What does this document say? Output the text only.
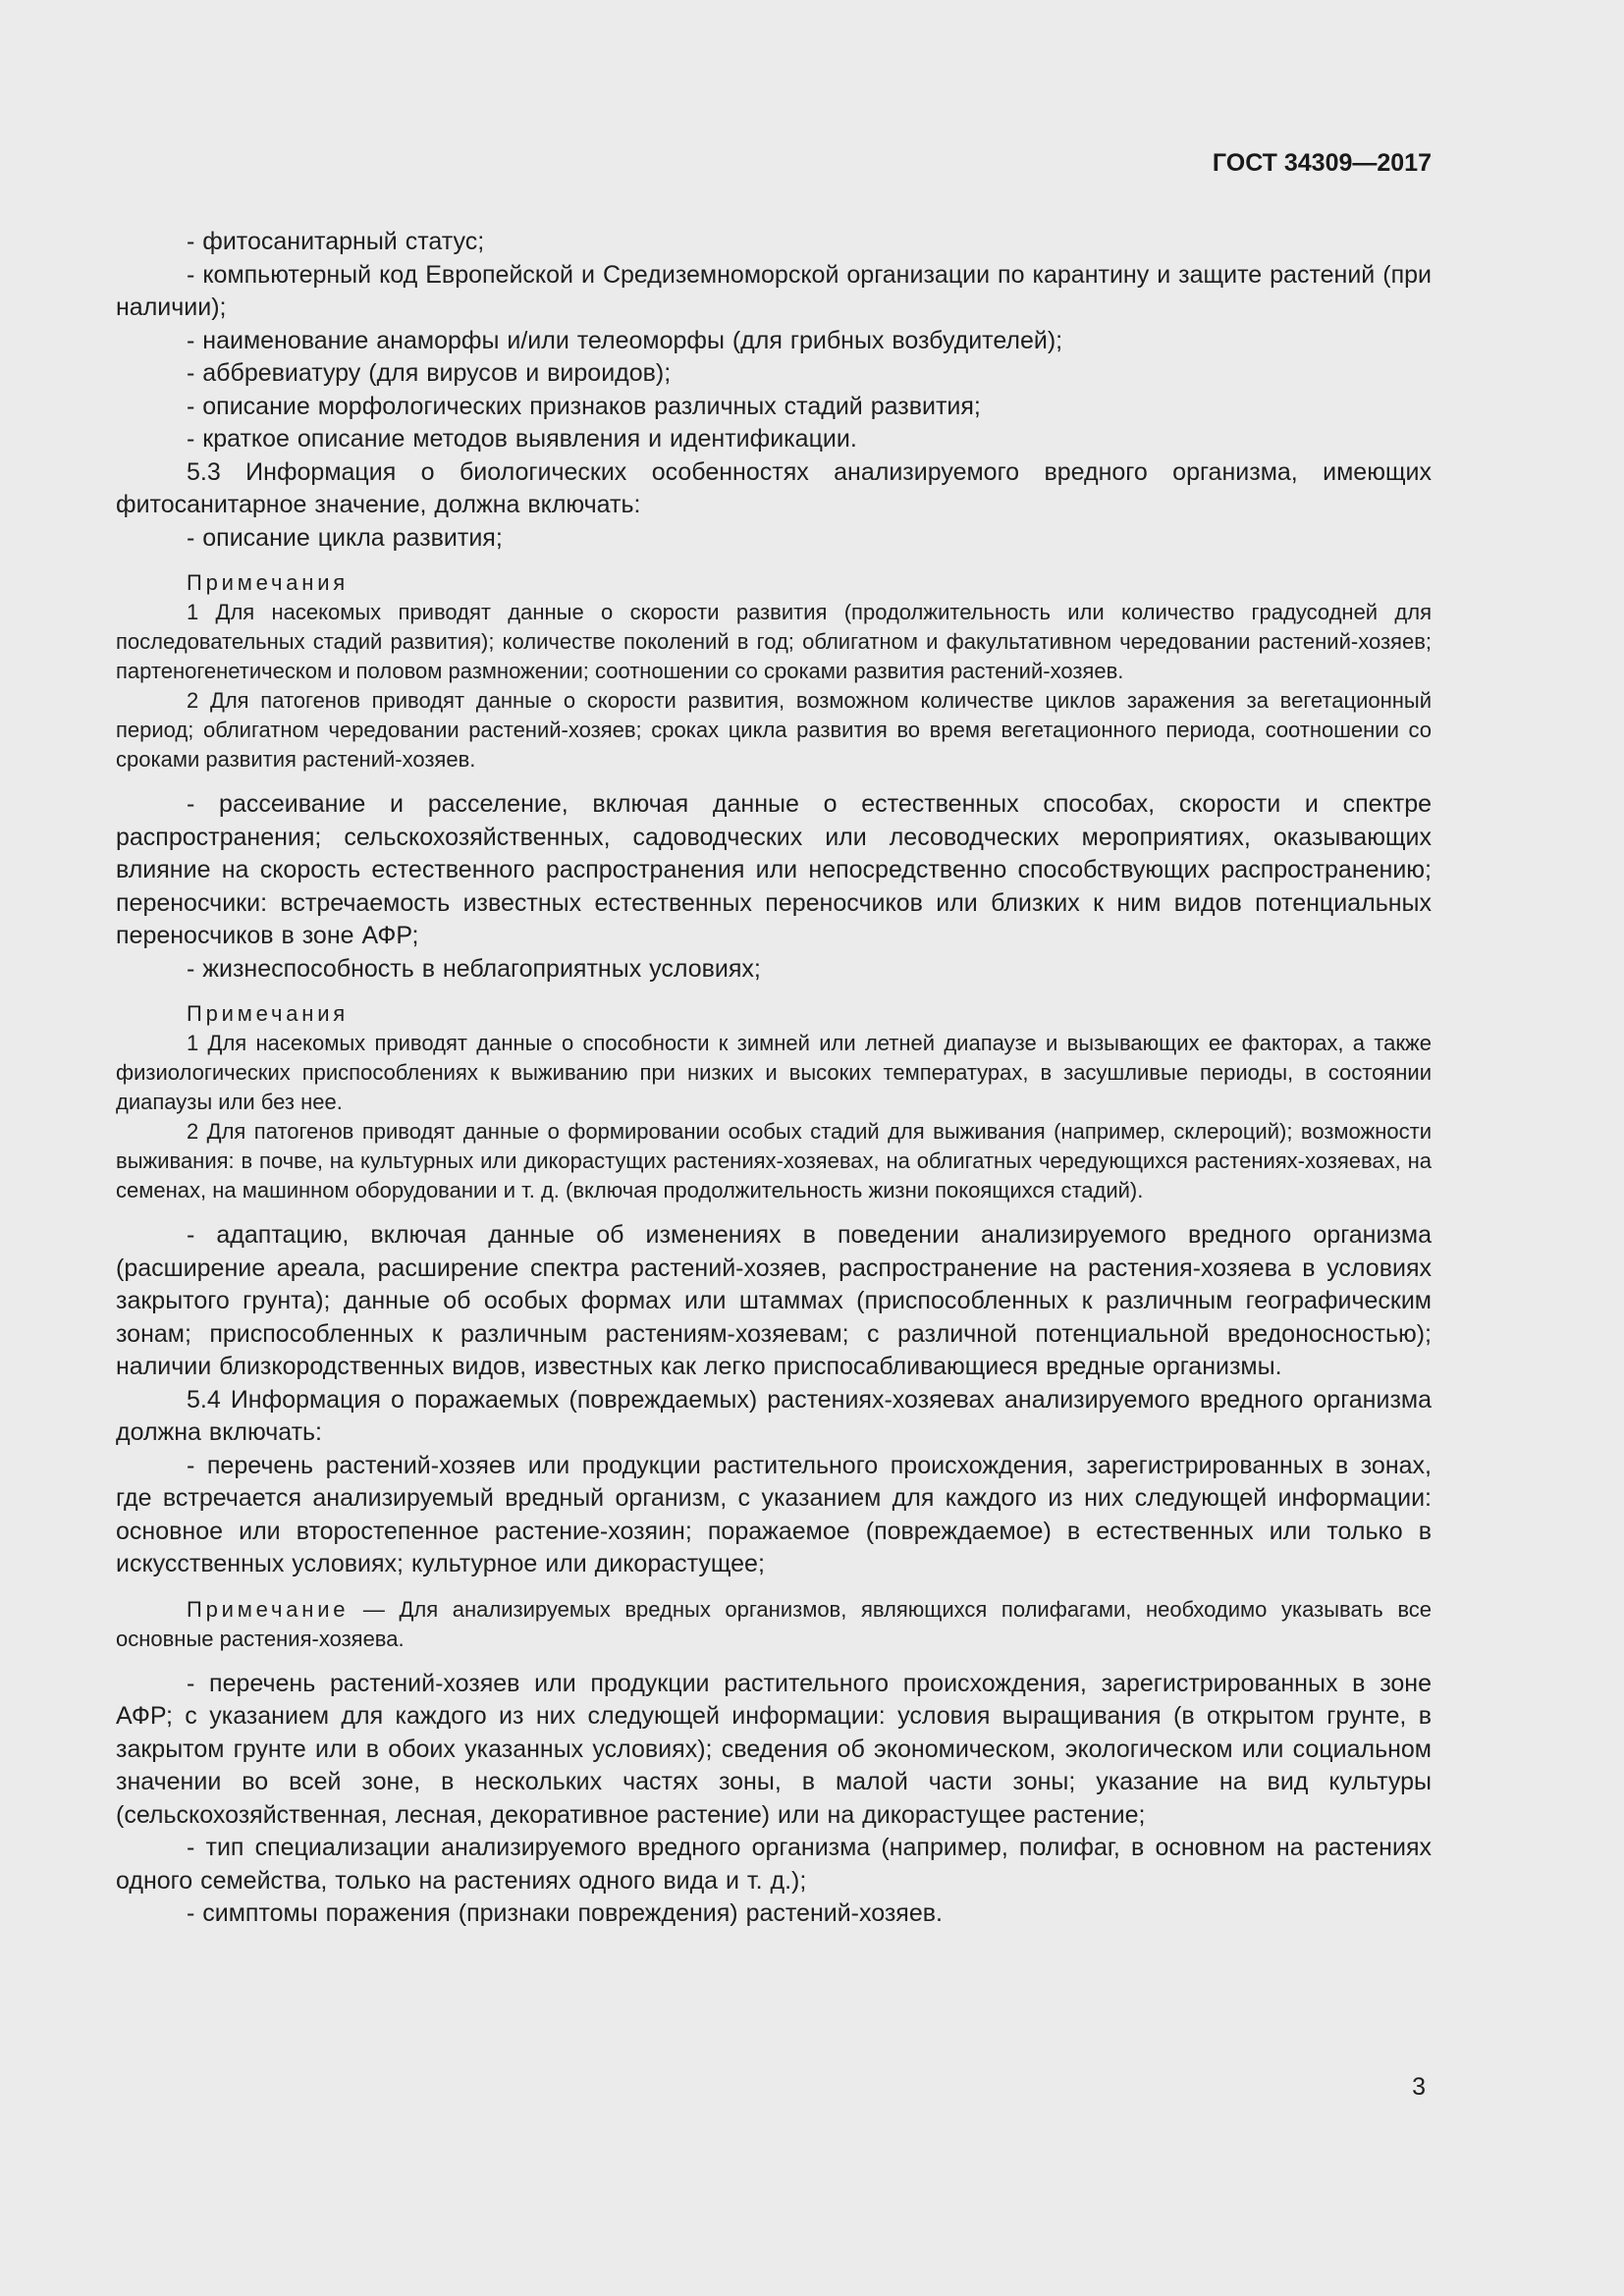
ГОСТ 34309—2017

- фитосанитарный статус;

- компьютерный код Европейской и Средиземноморской организации по карантину и защите растений (при наличии);

- наименование анаморфы и/или телеоморфы (для грибных возбудителей);

- аббревиатуру (для вирусов и вироидов);

- описание морфологических признаков различных стадий развития;

- краткое описание методов выявления и идентификации.

5.3 Информация о биологических особенностях анализируемого вредного организма, имеющих фитосанитарное значение, должна включать:

- описание цикла развития;

Примечания

1 Для насекомых приводят данные о скорости развития (продолжительность или количество градусодней для последовательных стадий развития); количестве поколений в год; облигатном и факультативном чередовании растений-хозяев; партеногенетическом и половом размножении; соотношении со сроками развития растений-хозяев.

2 Для патогенов приводят данные о скорости развития, возможном количестве циклов заражения за вегетационный период; облигатном чередовании растений-хозяев; сроках цикла развития во время вегетационного периода, соотношении со сроками развития растений-хозяев.

- рассеивание и расселение, включая данные о естественных способах, скорости и спектре распространения; сельскохозяйственных, садоводческих или лесоводческих мероприятиях, оказывающих влияние на скорость естественного распространения или непосредственно способствующих распространению; переносчики: встречаемость известных естественных переносчиков или близких к ним видов потенциальных переносчиков в зоне АФР;

- жизнеспособность в неблагоприятных условиях;

Примечания

1 Для насекомых приводят данные о способности к зимней или летней диапаузе и вызывающих ее факторах, а также физиологических приспособлениях к выживанию при низких и высоких температурах, в засушливые периоды, в состоянии диапаузы или без нее.

2 Для патогенов приводят данные о формировании особых стадий для выживания (например, склероций); возможности выживания: в почве, на культурных или дикорастущих растениях-хозяевах, на облигатных чередующихся растениях-хозяевах, на семенах, на машинном оборудовании и т. д. (включая продолжительность жизни покоящихся стадий).

- адаптацию, включая данные об изменениях в поведении анализируемого вредного организма (расширение ареала, расширение спектра растений-хозяев, распространение на растения-хозяева в условиях закрытого грунта); данные об особых формах или штаммах (приспособленных к различным географическим зонам; приспособленных к различным растениям-хозяевам; с различной потенциальной вредоносностью); наличии близкородственных видов, известных как легко приспосабливающиеся вредные организмы.

5.4 Информация о поражаемых (повреждаемых) растениях-хозяевах анализируемого вредного организма должна включать:

- перечень растений-хозяев или продукции растительного происхождения, зарегистрированных в зонах, где встречается анализируемый вредный организм, с указанием для каждого из них следующей информации: основное или второстепенное растение-хозяин; поражаемое (повреждаемое) в естественных или только в искусственных условиях; культурное или дикорастущее;

Примечание — Для анализируемых вредных организмов, являющихся полифагами, необходимо указывать все основные растения-хозяева.

- перечень растений-хозяев или продукции растительного происхождения, зарегистрированных в зоне АФР; с указанием для каждого из них следующей информации: условия выращивания (в открытом грунте, в закрытом грунте или в обоих указанных условиях); сведения об экономическом, экологическом или социальном значении во всей зоне, в нескольких частях зоны, в малой части зоны; указание на вид культуры (сельскохозяйственная, лесная, декоративное растение) или на дикорастущее растение;

- тип специализации анализируемого вредного организма (например, полифаг, в основном на растениях одного семейства, только на растениях одного вида и т. д.);

- симптомы поражения (признаки повреждения) растений-хозяев.

3
